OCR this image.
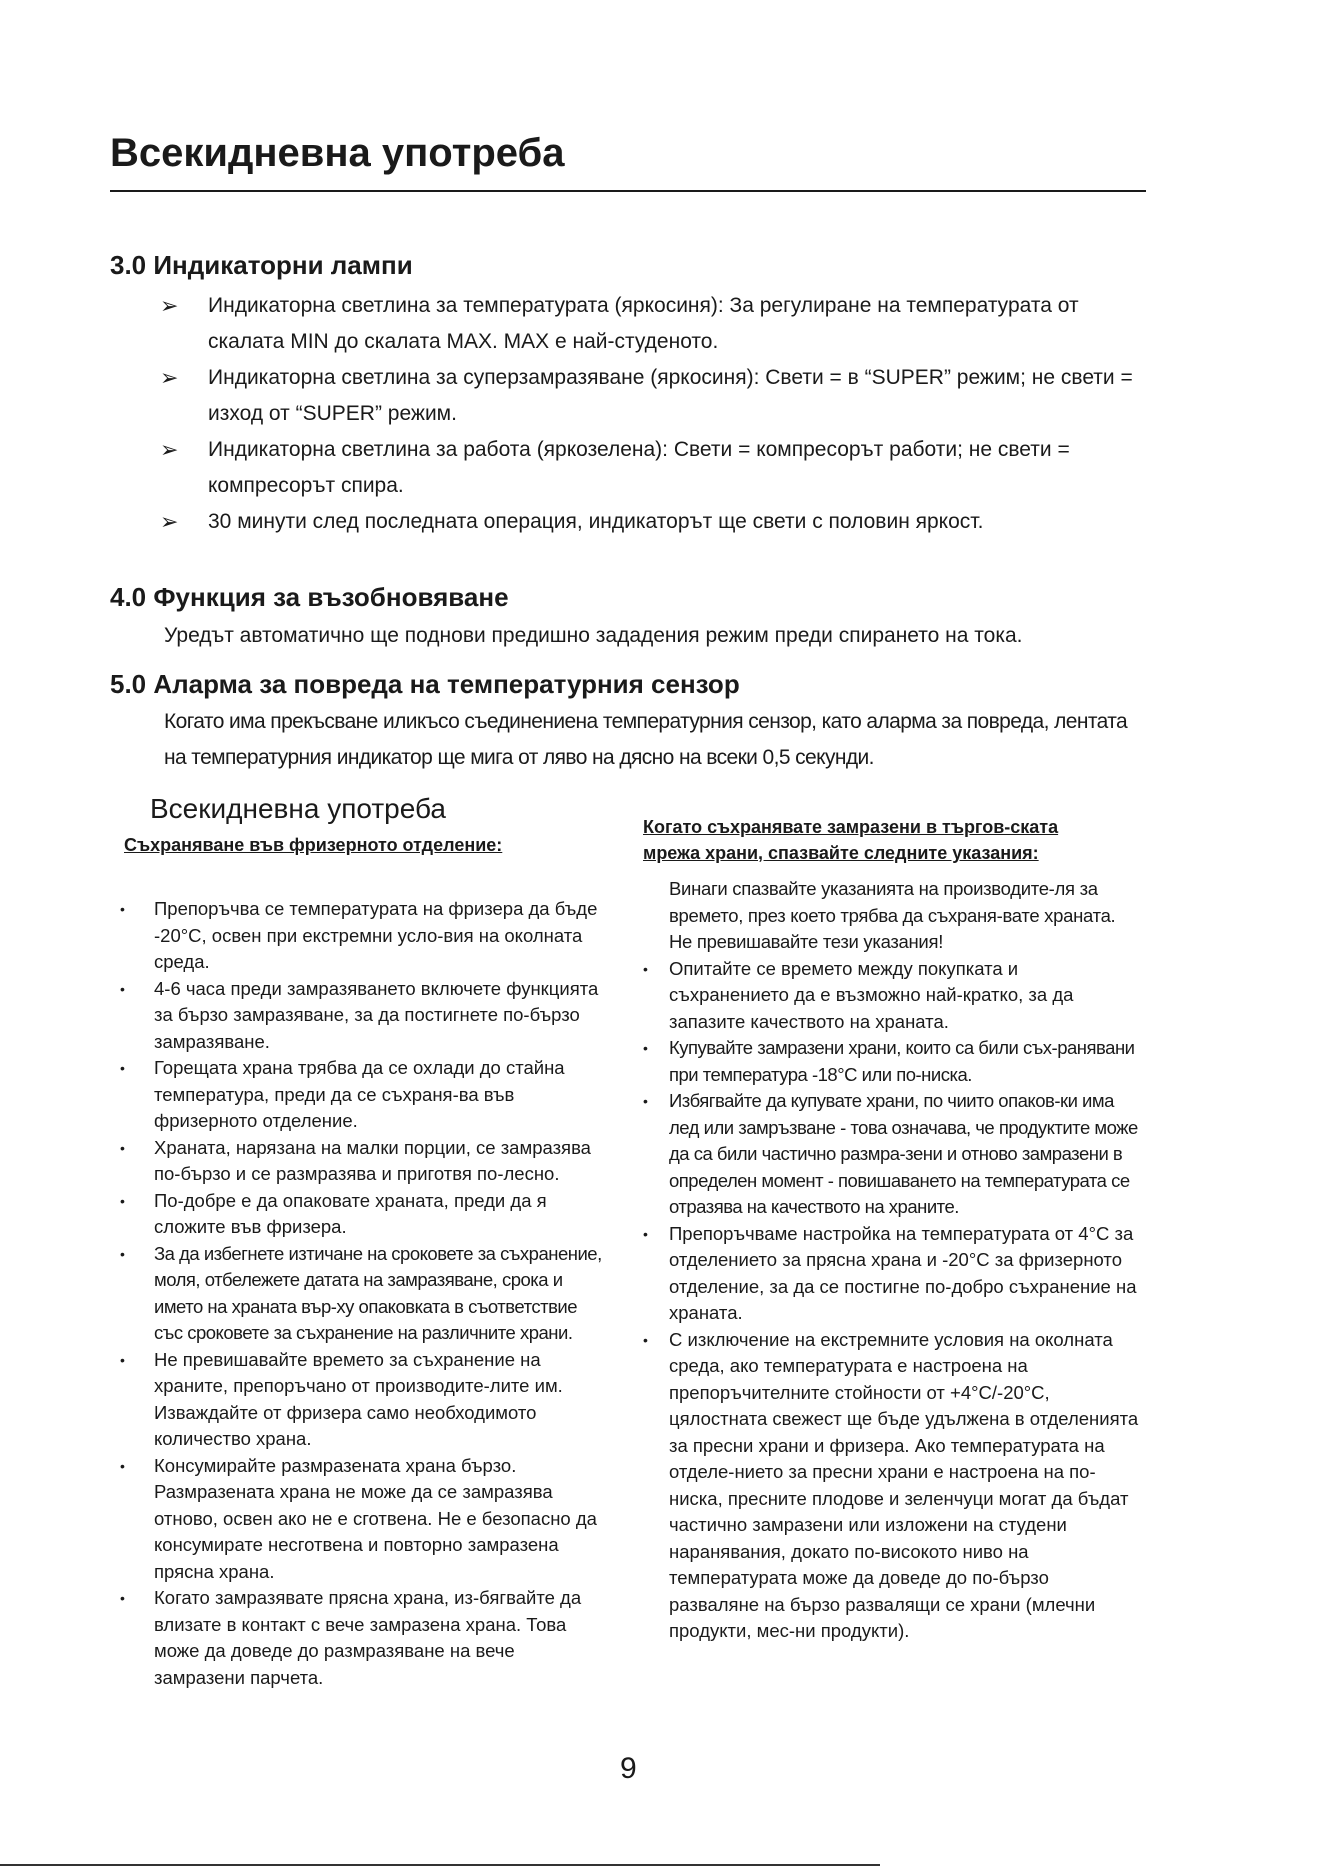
Всекидневна употреба
3.0 Индикаторни лампи
➢ Индикаторна светлина за температурата (яркосиня): За регулиране на температурата от скалата MIN до скалата MAX. MAX е най-студеното.
➢ Индикаторна светлина за суперзамразяване (яркосиня): Свети = в “SUPER” режим; не свети = изход от “SUPER” режим.
➢ Индикаторна светлина за работа (яркозелена): Свети = компресорът работи; не свети = компресорът спира.
➢ 30 минути след последната операция, индикаторът ще свети с половин яркост.
4.0 Функция за възобновяване

Уредът автоматично ще поднови предишно зададения режим преди спирането на тока.

5.0 Аларма за повреда на температурния сензор

Когато има прекъсване иликъсо съединениена температурния сензор, като аларма за повреда, лентата на температурния индикатор ще мига от ляво на дясно на всеки 0,5 секунди.

Всекидневна употреба

Съхраняване във фризерното отделение:

• Препоръчва се температурата на фризера да бъде -20°C, освен при екстремни усло-вия на околната среда.
• 4-6 часа преди замразяването включете функцията за бързо замразяване, за да постигнете по-бързо замразяване.
• Горещата храна трябва да се охлади до стайна температура, преди да се съхраня-ва във фризерното отделение.
• Храната, нарязана на малки порции, се замразява по-бързо и се размразява и приготвя по-лесно.
• По-добре е да опаковате храната, преди да я сложите във фризера.
• За да избегнете изтичане на сроковете за съхранение, моля, отбележете датата на замразяване, срока и името на храната вър-ху опаковката в съответствие със сроковете за съхранение на различните храни.
• Не превишавайте времето за съхранение на храните, препоръчано от производите-лите им. Изваждайте от фризера само необходимото количество храна.
• Консумирайте размразената храна бързо. Размразената храна не може да се замразява отново, освен ако не е сготвена. Не е безопасно да консумирате несготвена и повторно замразена прясна храна.
• Когато замразявате прясна храна, из-бягвайте да влизате в контакт с вече замразена храна. Това може да доведе до размразяване на вече замразени парчета.

Когато съхранявате замразени в търгов-ската мрежа храни, спазвайте следните указания:

Винаги спазвайте указанията на производите-ля за времето, през което трябва да съхраня-вате храната. Не превишавайте тези указания!

• Опитайте се времето между покупката и съхранението да е възможно най-кратко, за да запазите качеството на храната.
• Купувайте замразени храни, които са били съх-ранявани при температура -18°C или по-ниска.
• Избягвайте да купувате храни, по чиито опаков-ки има лед или замръзване - това означава, че продуктите може да са били частично размра-зени и отново замразени в определен момент - повишаването на температурата се отразява на качеството на храните.
• Препоръчваме настройка на температурата от 4°C за отделението за прясна храна и -20°C за фризерното отделение, за да се постигне по-добро съхранение на храната.
• С изключение на екстремните условия на околната среда, ако температурата е настроена на препоръчителните стойности от +4°C/-20°C, цялостната свежест ще бъде удължена в отделенията за пресни храни и фризера. Ако температурата на отделе-нието за пресни храни е настроена на по-ниска, пресните плодове и зеленчуци могат да бъдат частично замразени или изложени на студени наранявания, докато по-високото ниво на температурата може да доведе до по-бързо разваляне на бързо развалящи се храни (млечни продукти, мес-ни продукти).

9
